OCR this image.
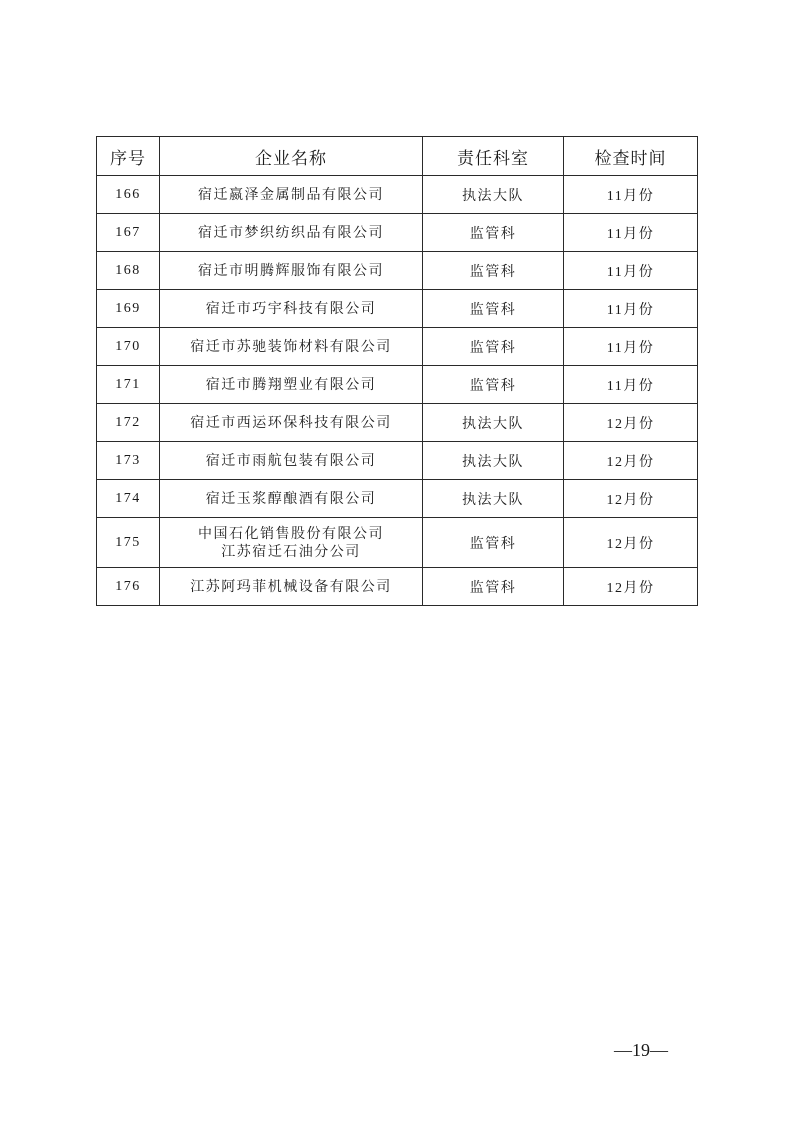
序号	企业名称	责任科室	检查时间
166	宿迁嬴泽金属制品有限公司	执法大队	11月份
167	宿迁市梦织纺织品有限公司	监管科	11月份
168	宿迁市明腾辉服饰有限公司	监管科	11月份
169	宿迁市巧宇科技有限公司	监管科	11月份
170	宿迁市苏驰装饰材料有限公司	监管科	11月份
171	宿迁市腾翔塑业有限公司	监管科	11月份
172	宿迁市西运环保科技有限公司	执法大队	12月份
173	宿迁市雨航包装有限公司	执法大队	12月份
174	宿迁玉浆醇酿酒有限公司	执法大队	12月份
175	中国石化销售股份有限公司
江苏宿迁石油分公司	监管科	12月份
176	江苏阿玛菲机械设备有限公司	监管科	12月份
—19—
